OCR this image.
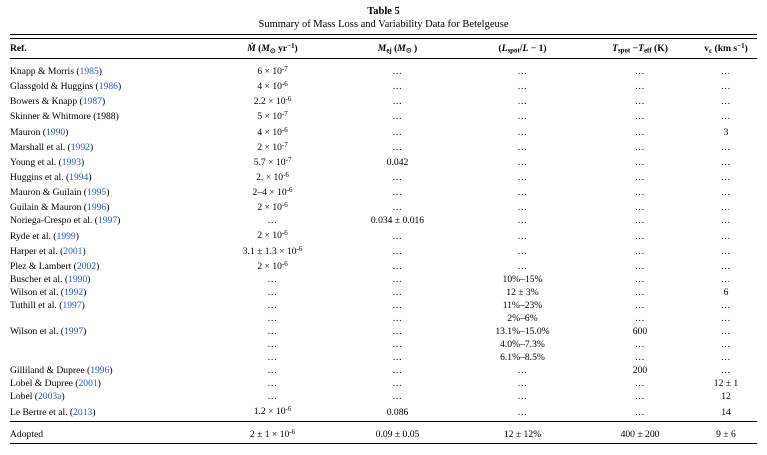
Table 5
Summary of Mass Loss and Variability Data for Betelgeuse

Ref.	Ṁ ($M_⊙$ $yr^{-1}$)	$M_{ej}$ ($M_⊙$ )	$(L_{spot}/L - 1)$	$T_{spot} -T_{eff}$ (K)	$v_c$ (km $s^{-1}$)

Knapp & Morris (1985)	$6 \times 10^{-7}$	…	…	…	…
Glassgold & Huggins (1986)	$4 \times 10^{-6}$	…	…	…	…
Bowers & Knapp (1987)	$2.2 \times 10^{-6}$	…	…	…	…
Skinner & Whitmore (1988)	$5 \times 10^{-7}$	…	…	…	…
Mauron (1990)	$4 \times 10^{-6}$	…	…	…	3
Marshall et al. (1992)	$2 \times 10^{-7}$	…	…	…	…
Young et al. (1993)	$5.7 \times 10^{-7}$	0.042	…	…	…
Huggins et al. (1994)	2. × $10^{-6}$	…	…	…	…
Mauron & Guilain (1995)	$2-4 \times 10^{-6}$	…	…	…	…
Guilain & Mauron (1996)	$2 \times 10^{-6}$	…	…	…	…
Noriega-Crespo et al. (1997)	…	0.034 ± 0.016	…	…	…
Ryde et al. (1999)	$2 \times 10^{-6}$	…	…	…	…
Harper et al. (2001)	$3.1 \pm 1.3 \times 10^{-6}$	…	…	…	…
Plez & Lambert (2002)	$2 \times 10^{-6}$	…	…	…	…
Buscher et al. (1990)	…	…	10%–15%	…	…
Wilson et al. (1992)	…	…	12 ± 3%	…	6
Tuthill et al. (1997)	…	…	11%–23%	…	…
	…	…	2%–6%	…	…
Wilson et al. (1997)	…	…	13.1%–15.0%	600	…
	…	…	4.0%–7.3%	…	…
	…	…	6.1%–8.5%	…	…
Gilliland & Dupree (1996)	…	…	…	200	…
Lobel & Dupree (2001)	…	…	…	…	12 ± 1
Lobel (2003a)	…	…	…	…	12
Le Bertre et al. (2013)	$1.2 \times 10^{-6}$	0.086	…	…	14

Adopted	$2 \pm 1 \times 10^{-6}$	0.09 ± 0.05	12 ± 12%	400 ± 200	9 ± 6
